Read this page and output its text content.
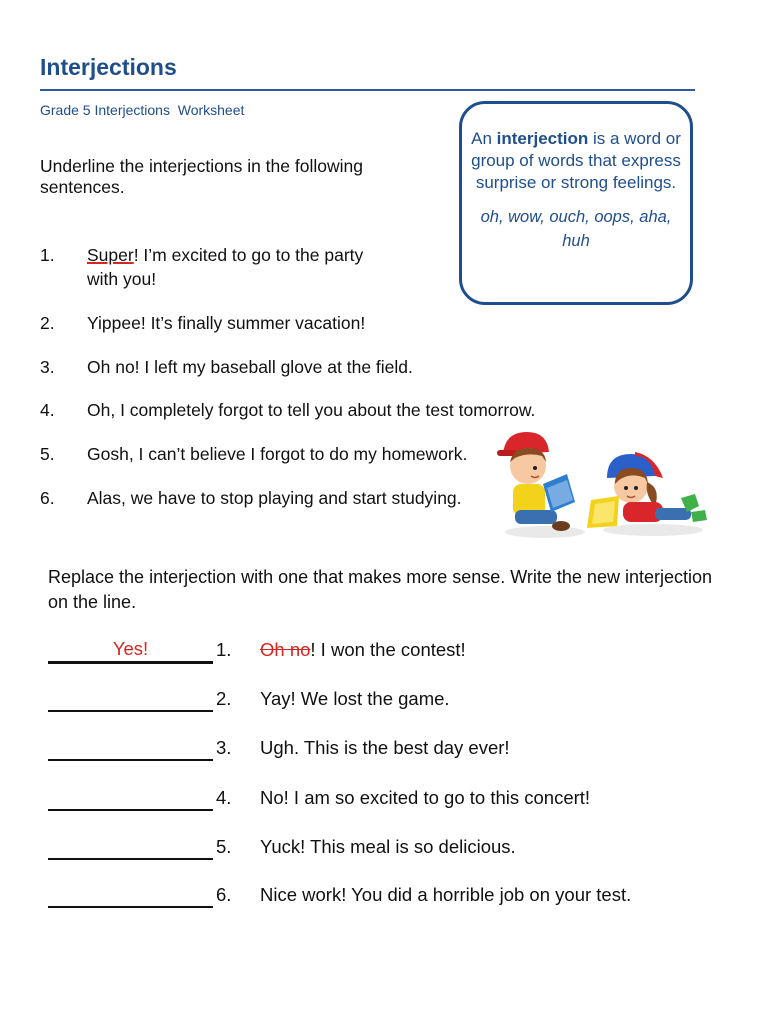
Interjections
Grade 5 Interjections  Worksheet
Underline the interjections in the following sentences.
An interjection is a word or group of words that express surprise or strong feelings.
oh, wow, ouch, oops, aha, huh
1. Super! I’m excited to go to the party
with you!
2. Yippee! It’s finally summer vacation!
3. Oh no! I left my baseball glove at the field.
4. Oh, I completely forgot to tell you about the test tomorrow.
5. Gosh, I can’t believe I forgot to do my homework.
6. Alas, we have to stop playing and start studying.
Replace the interjection with one that makes more sense. Write the new interjection on the line.
Yes!	1. Oh no! I won the contest!
2. Yay! We lost the game.
3. Ugh. This is the best day ever!
4. No! I am so excited to go to this concert!
5. Yuck! This meal is so delicious.
6. Nice work! You did a horrible job on your test.
